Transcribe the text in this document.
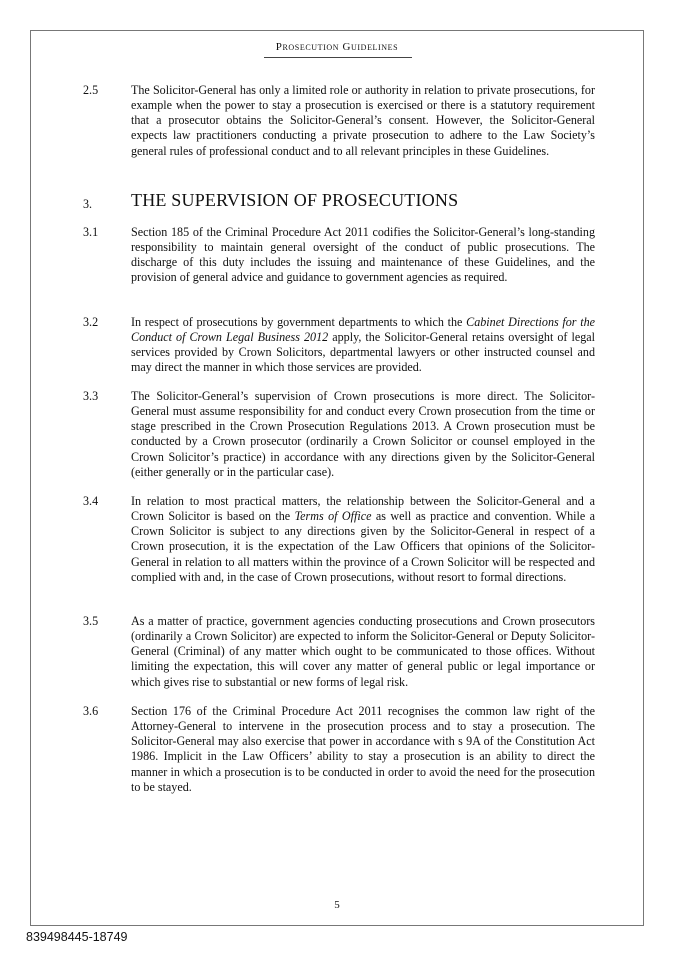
Prosecution Guidelines
2.5	The Solicitor-General has only a limited role or authority in relation to private prosecutions, for example when the power to stay a prosecution is exercised or there is a statutory requirement that a prosecutor obtains the Solicitor-General’s consent. However, the Solicitor-General expects law practitioners conducting a private prosecution to adhere to the Law Society’s general rules of professional conduct and to all relevant principles in these Guidelines.
3. THE SUPERVISION OF PROSECUTIONS
3.1	Section 185 of the Criminal Procedure Act 2011 codifies the Solicitor-General’s long-standing responsibility to maintain general oversight of the conduct of public prosecutions. The discharge of this duty includes the issuing and maintenance of these Guidelines, and the provision of general advice and guidance to government agencies as required.
3.2	In respect of prosecutions by government departments to which the Cabinet Directions for the Conduct of Crown Legal Business 2012 apply, the Solicitor-General retains oversight of legal services provided by Crown Solicitors, departmental lawyers or other instructed counsel and may direct the manner in which those services are provided.
3.3	The Solicitor-General’s supervision of Crown prosecutions is more direct. The Solicitor-General must assume responsibility for and conduct every Crown prosecution from the time or stage prescribed in the Crown Prosecution Regulations 2013. A Crown prosecution must be conducted by a Crown prosecutor (ordinarily a Crown Solicitor or counsel employed in the Crown Solicitor’s practice) in accordance with any directions given by the Solicitor-General (either generally or in the particular case).
3.4	In relation to most practical matters, the relationship between the Solicitor-General and a Crown Solicitor is based on the Terms of Office as well as practice and convention. While a Crown Solicitor is subject to any directions given by the Solicitor-General in respect of a Crown prosecution, it is the expectation of the Law Officers that opinions of the Solicitor-General in relation to all matters within the province of a Crown Solicitor will be respected and complied with and, in the case of Crown prosecutions, without resort to formal directions.
3.5	As a matter of practice, government agencies conducting prosecutions and Crown prosecutors (ordinarily a Crown Solicitor) are expected to inform the Solicitor-General or Deputy Solicitor-General (Criminal) of any matter which ought to be communicated to those offices. Without limiting the expectation, this will cover any matter of general public or legal importance or which gives rise to substantial or new forms of legal risk.
3.6	Section 176 of the Criminal Procedure Act 2011 recognises the common law right of the Attorney-General to intervene in the prosecution process and to stay a prosecution. The Solicitor-General may also exercise that power in accordance with s 9A of the Constitution Act 1986. Implicit in the Law Officers’ ability to stay a prosecution is an ability to direct the manner in which a prosecution is to be conducted in order to avoid the need for the prosecution to be stayed.
5
839498445-18749
